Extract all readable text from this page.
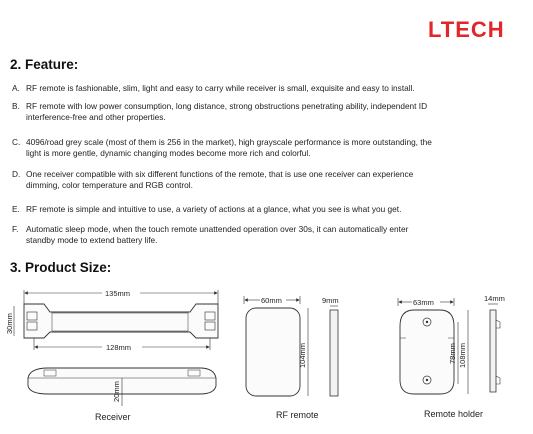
LTECH
2. Feature:
A. RF remote is fashionable, slim, light and easy to carry while receiver is small, exquisite and easy to install.
B. RF remote with low power consumption, long distance, strong obstructions penetrating ability, independent ID
interference-free and other properties.
C. 4096/road grey scale (most of them is 256 in the market), high grayscale performance is more outstanding, the
light is more gentle, dynamic changing modes become more rich and colorful.
D. One receiver compatible with six different functions of the remote, that is use one receiver can experience
dimming, color temperature and RGB control.
E. RF remote is simple and intuitive to use, a variety of actions at a glance, what you see is what you get.
F. Automatic sleep mode, when the touch remote unattended operation over 30s, it can automatically enter
standby mode to extend battery life.
3. Product Size:
135mm
30mm
128mm
20mm
Receiver
60mm
104mm
9mm
RF remote
63mm
78mm 108mm
14mm
Remote holder
